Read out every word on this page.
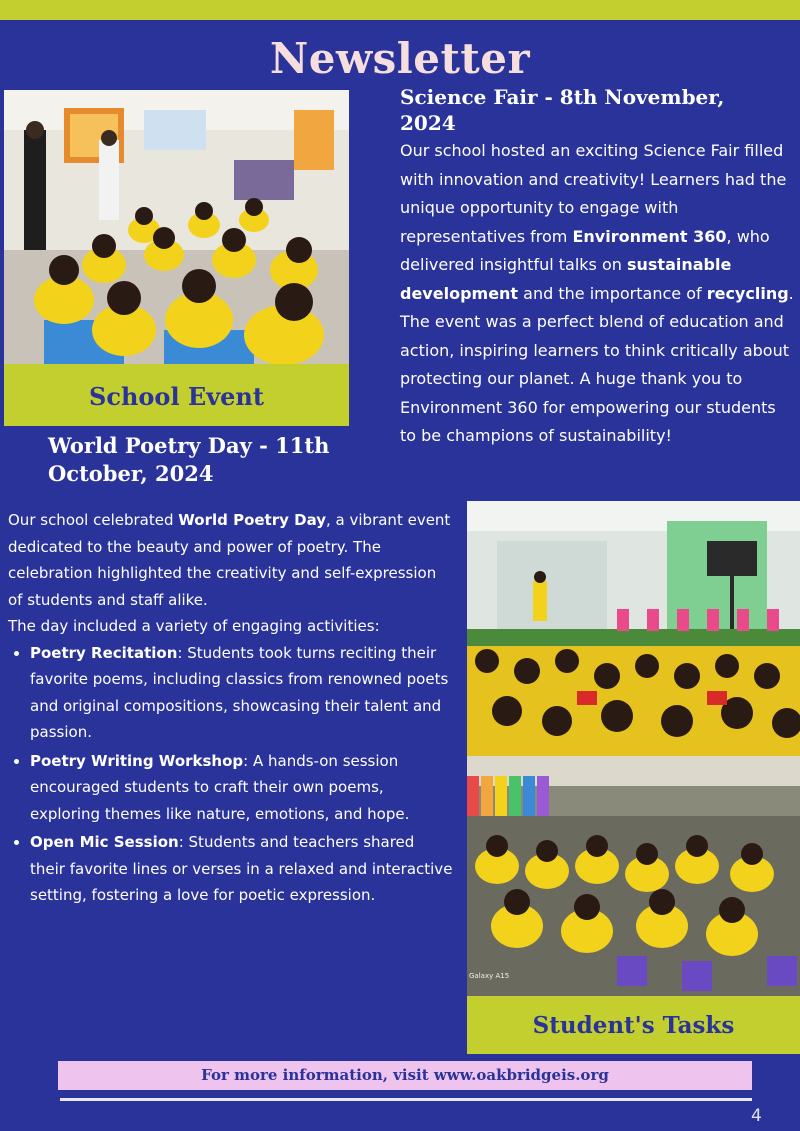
Newsletter
School Event
Science Fair - 8th November, 2024

Our school hosted an exciting Science Fair filled with innovation and creativity! Learners had the unique opportunity to engage with representatives from Environment 360, who delivered insightful talks on sustainable development and the importance of recycling.

The event was a perfect blend of education and action, inspiring learners to think critically about protecting our planet. A huge thank you to Environment 360 for empowering our students to be champions of sustainability!

World Poetry Day - 11th October, 2024

Our school celebrated World Poetry Day, a vibrant event dedicated to the beauty and power of poetry. The celebration highlighted the creativity and self-expression of students and staff alike.

The day included a variety of engaging activities:

• Poetry Recitation: Students took turns reciting their favorite poems, including classics from renowned poets and original compositions, showcasing their talent and passion.
• Poetry Writing Workshop: A hands-on session encouraged students to craft their own poems, exploring themes like nature, emotions, and hope.
• Open Mic Session: Students and teachers shared their favorite lines or verses in a relaxed and interactive setting, fostering a love for poetic expression.
Galaxy A15
Student's Tasks
For more information, visit www.oakbridgeis.org
4
